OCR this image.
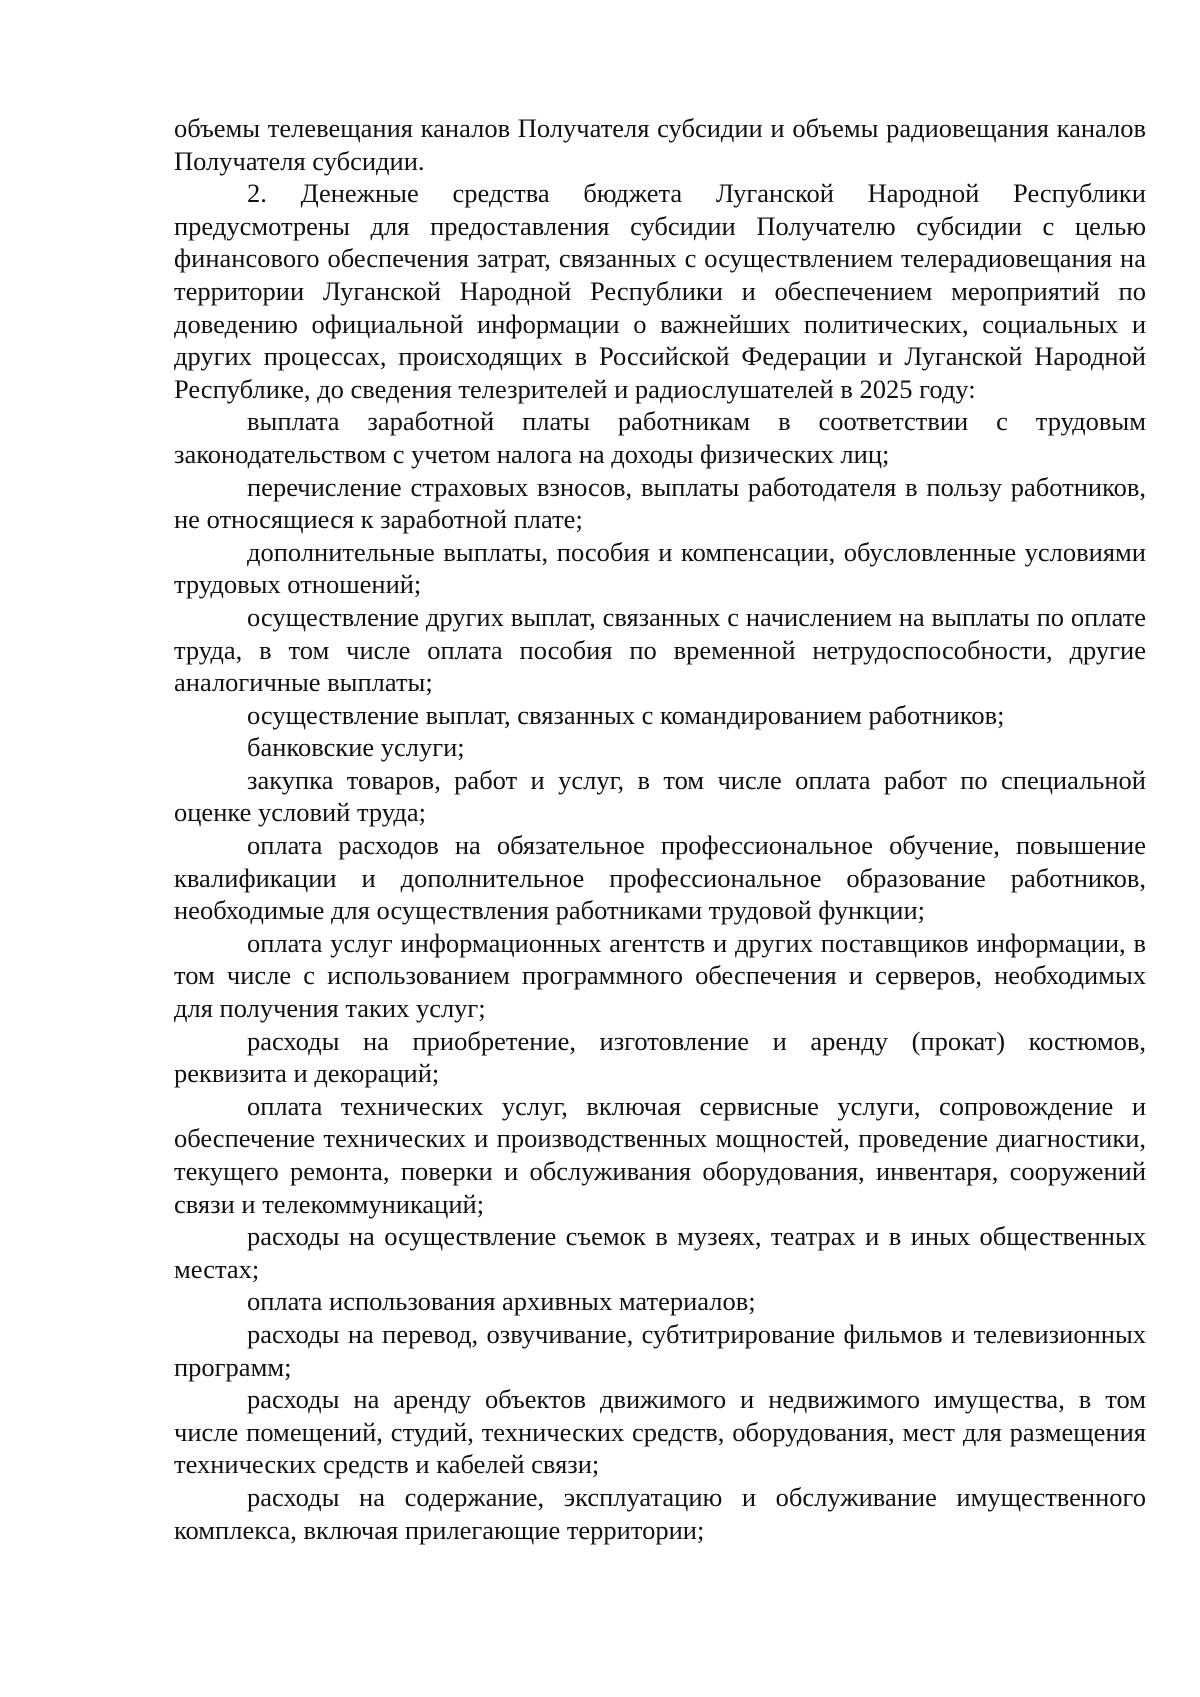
объемы телевещания каналов Получателя субсидии и объемы радиовещания каналов Получателя субсидии.

2. Денежные средства бюджета Луганской Народной Республики предусмотрены для предоставления субсидии Получателю субсидии с целью финансового обеспечения затрат, связанных с осуществлением телерадиовещания на территории Луганской Народной Республики и обеспечением мероприятий по доведению официальной информации о важнейших политических, социальных и других процессах, происходящих в Российской Федерации и Луганской Народной Республике, до сведения телезрителей и радиослушателей в 2025 году:

выплата заработной платы работникам в соответствии с трудовым законодательством с учетом налога на доходы физических лиц;

перечисление страховых взносов, выплаты работодателя в пользу работников, не относящиеся к заработной плате;

дополнительные выплаты, пособия и компенсации, обусловленные условиями трудовых отношений;

осуществление других выплат, связанных с начислением на выплаты по оплате труда, в том числе оплата пособия по временной нетрудоспособности, другие аналогичные выплаты;

осуществление выплат, связанных с командированием работников;

банковские услуги;

закупка товаров, работ и услуг, в том числе оплата работ по специальной оценке условий труда;

оплата расходов на обязательное профессиональное обучение, повышение квалификации и дополнительное профессиональное образование работников, необходимые для осуществления работниками трудовой функции;

оплата услуг информационных агентств и других поставщиков информации, в том числе с использованием программного обеспечения и серверов, необходимых для получения таких услуг;

расходы на приобретение, изготовление и аренду (прокат) костюмов, реквизита и декораций;

оплата технических услуг, включая сервисные услуги, сопровождение и обеспечение технических и производственных мощностей, проведение диагностики, текущего ремонта, поверки и обслуживания оборудования, инвентаря, сооружений связи и телекоммуникаций;

расходы на осуществление съемок в музеях, театрах и в иных общественных местах;

оплата использования архивных материалов;

расходы на перевод, озвучивание, субтитрирование фильмов и телевизионных программ;

расходы на аренду объектов движимого и недвижимого имущества, в том числе помещений, студий, технических средств, оборудования, мест для размещения технических средств и кабелей связи;

расходы на содержание, эксплуатацию и обслуживание имущественного комплекса, включая прилегающие территории;
